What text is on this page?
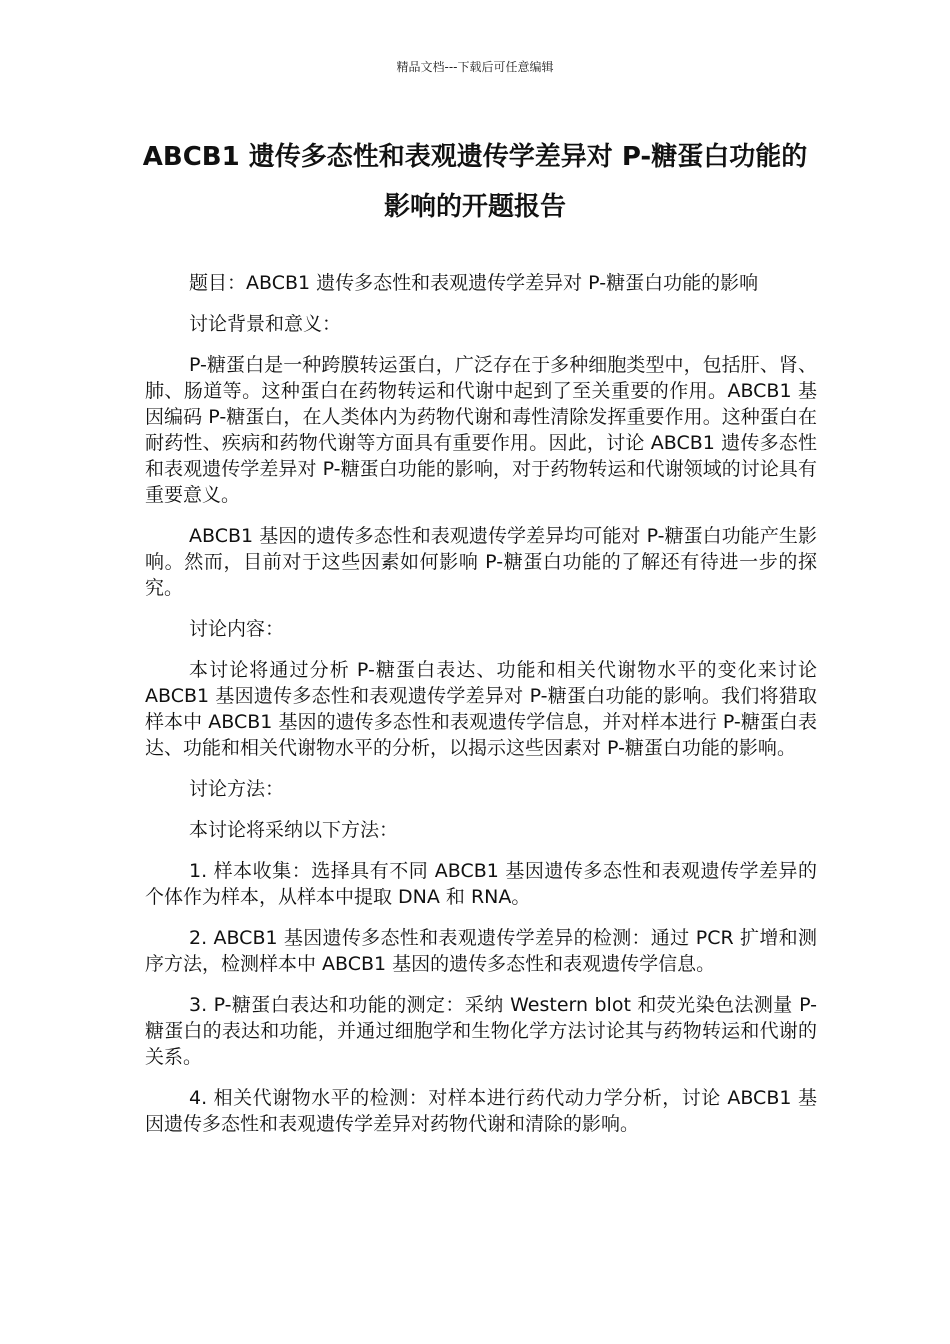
精品文档---下载后可任意编辑
ABCB1 遗传多态性和表观遗传学差异对 P-糖蛋白功能的影响的开题报告

题目：ABCB1 遗传多态性和表观遗传学差异对 P-糖蛋白功能的影响

讨论背景和意义：

P-糖蛋白是一种跨膜转运蛋白，广泛存在于多种细胞类型中，包括肝、肾、肺、肠道等。这种蛋白在药物转运和代谢中起到了至关重要的作用。ABCB1 基因编码 P-糖蛋白，在人类体内为药物代谢和毒性清除发挥重要作用。这种蛋白在耐药性、疾病和药物代谢等方面具有重要作用。因此，讨论 ABCB1 遗传多态性和表观遗传学差异对 P-糖蛋白功能的影响，对于药物转运和代谢领域的讨论具有重要意义。

ABCB1 基因的遗传多态性和表观遗传学差异均可能对 P-糖蛋白功能产生影响。然而，目前对于这些因素如何影响 P-糖蛋白功能的了解还有待进一步的探究。

讨论内容：

本讨论将通过分析 P-糖蛋白表达、功能和相关代谢物水平的变化来讨论 ABCB1 基因遗传多态性和表观遗传学差异对 P-糖蛋白功能的影响。我们将猎取样本中 ABCB1 基因的遗传多态性和表观遗传学信息，并对样本进行 P-糖蛋白表达、功能和相关代谢物水平的分析，以揭示这些因素对 P-糖蛋白功能的影响。

讨论方法：

本讨论将采纳以下方法：

1. 样本收集：选择具有不同 ABCB1 基因遗传多态性和表观遗传学差异的个体作为样本，从样本中提取 DNA 和 RNA。

2. ABCB1 基因遗传多态性和表观遗传学差异的检测：通过 PCR 扩增和测序方法，检测样本中 ABCB1 基因的遗传多态性和表观遗传学信息。

3. P-糖蛋白表达和功能的测定：采纳 Western blot 和荧光染色法测量 P-糖蛋白的表达和功能，并通过细胞学和生物化学方法讨论其与药物转运和代谢的关系。

4. 相关代谢物水平的检测：对样本进行药代动力学分析，讨论 ABCB1 基因遗传多态性和表观遗传学差异对药物代谢和清除的影响。
